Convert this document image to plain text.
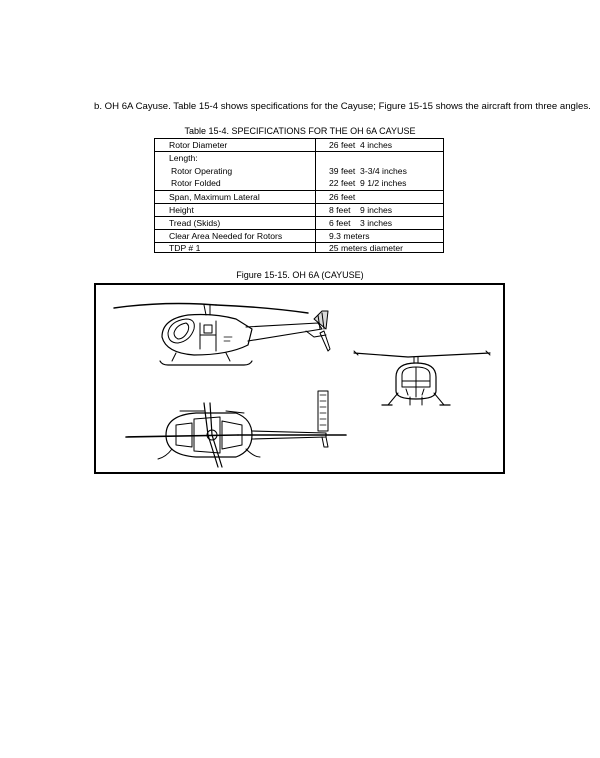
b. OH 6A Cayuse. Table 15-4 shows specifications for the Cayuse; Figure 15-15 shows the aircraft from three angles.
Table 15-4. SPECIFICATIONS FOR THE OH 6A CAYUSE
Rotor Diameter	26 feet  4 inches
Length:
Rotor Operating	39 feet  3-3/4 inches
Rotor Folded	22 feet  9 1/2 inches
Span, Maximum Lateral	26 feet
Height	8 feet    9 inches
Tread (Skids)	6 feet    3 inches
Clear Area Needed for Rotors	9.3 meters
TDP # 1	25 meters diameter
Figure 15-15. OH 6A (CAYUSE)
